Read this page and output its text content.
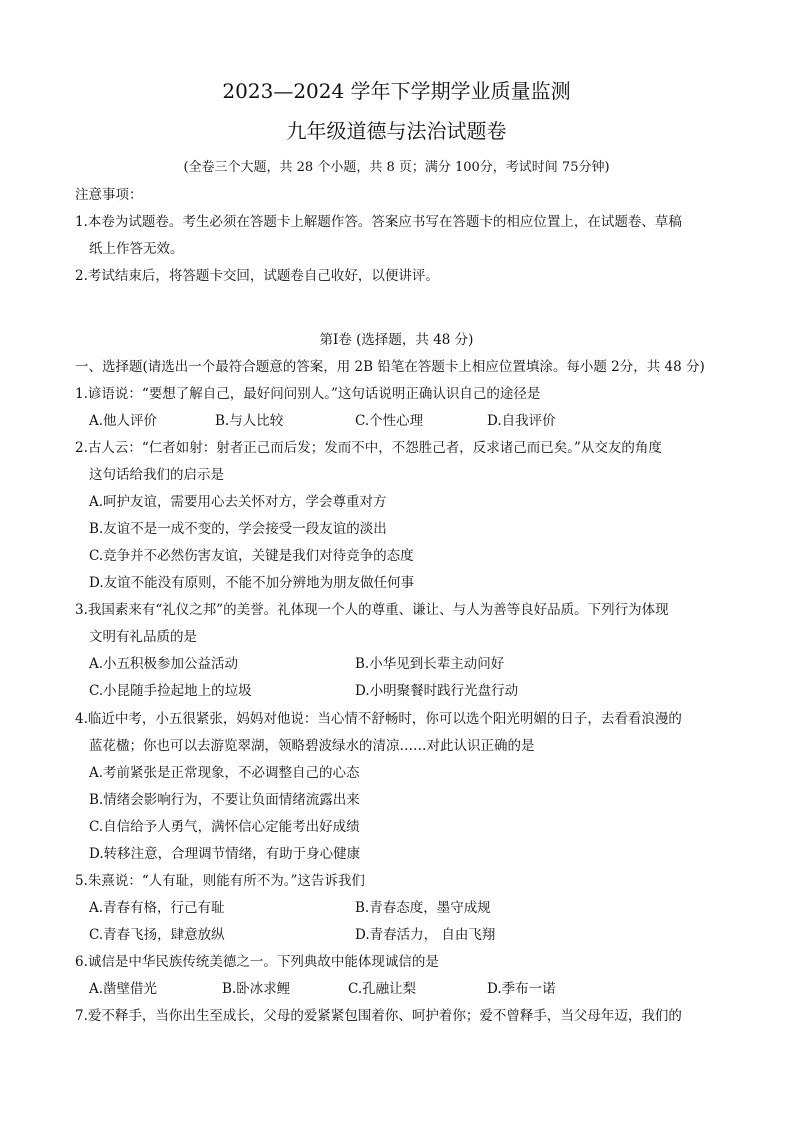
2023—2024 学年下学期学业质量监测
九年级道德与法治试题卷
(全卷三个大题，共 28 个小题，共 8 页；满分 100分，考试时间 75分钟)
注意事项：
1.本卷为试题卷。考生必须在答题卡上解题作答。答案应书写在答题卡的相应位置上，在试题卷、草稿
纸上作答无效。
2.考试结束后，将答题卡交回，试题卷自己收好，以便讲评。
第Ⅰ卷 (选择题，共 48 分)
一、选择题(请选出一个最符合题意的答案，用 2B 铅笔在答题卡上相应位置填涂。每小题 2分，共 48 分)
1.谚语说：“要想了解自己，最好问问别人。”这句话说明正确认识自己的途径是
A.他人评价	B.与人比较	C.个性心理	D.自我评价
2.古人云：“仁者如射：射者正己而后发；发而不中，不怨胜己者，反求诸己而已矣。”从交友的角度
这句话给我们的启示是
A.呵护友谊，需要用心去关怀对方，学会尊重对方
B.友谊不是一成不变的，学会接受一段友谊的淡出
C.竞争并不必然伤害友谊，关键是我们对待竞争的态度
D.友谊不能没有原则，不能不加分辨地为朋友做任何事
3.我国素来有“礼仪之邦”的美誉。礼体现一个人的尊重、谦让、与人为善等良好品质。下列行为体现
文明有礼品质的是
A.小五积极参加公益活动	B.小华见到长辈主动问好
C.小昆随手捡起地上的垃圾	D.小明聚餐时践行光盘行动
4.临近中考，小五很紧张，妈妈对他说：当心情不舒畅时，你可以选个阳光明媚的日子，去看看浪漫的
蓝花楹；你也可以去游览翠湖，领略碧波绿水的清凉……对此认识正确的是
A.考前紧张是正常现象，不必调整自己的心态
B.情绪会影响行为，不要让负面情绪流露出来
C.自信给予人勇气，满怀信心定能考出好成绩
D.转移注意，合理调节情绪，有助于身心健康
5.朱熹说：“人有耻，则能有所不为。”这告诉我们
A.青春有格，行己有耻	B.青春态度，墨守成规
C.青春飞扬，肆意放纵	D.青春活力， 自由飞翔
6.诚信是中华民族传统美德之一。下列典故中能体现诚信的是
A.凿壁借光	B.卧冰求鲤	C.孔融让梨	D.季布一诺
7.爱不释手，当你出生至成长，父母的爱紧紧包围着你、呵护着你；爱不曾释手，当父母年迈，我们的
